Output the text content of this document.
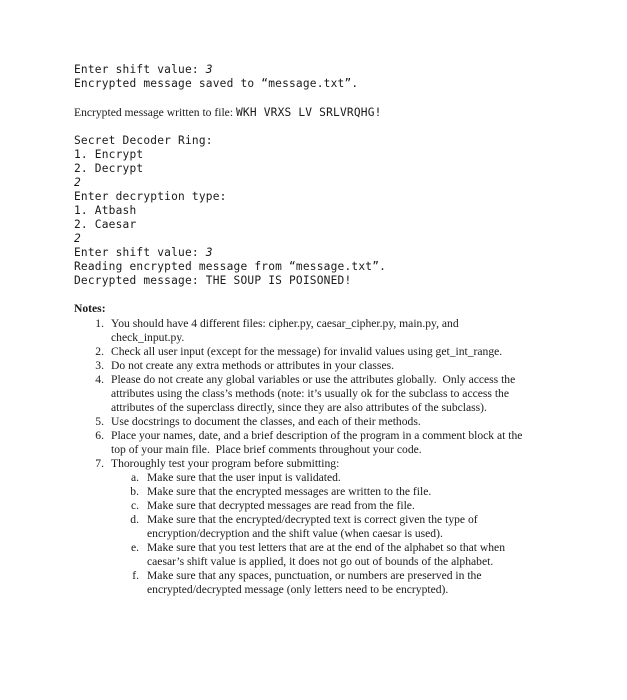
Enter shift value: 3
Encrypted message saved to “message.txt”.
Encrypted message written to file: WKH VRXS LV SRLVRQHG!
Secret Decoder Ring:
1. Encrypt
2. Decrypt
2
Enter decryption type:
1. Atbash
2. Caesar
2
Enter shift value: 3
Reading encrypted message from “message.txt”.
Decrypted message: THE SOUP IS POISONED!
Notes:
1. You should have 4 different files: cipher.py, caesar_cipher.py, main.py, and
check_input.py.
2. Check all user input (except for the message) for invalid values using get_int_range.
3. Do not create any extra methods or attributes in your classes.
4. Please do not create any global variables or use the attributes globally.  Only access the
attributes using the class’s methods (note: it’s usually ok for the subclass to access the
attributes of the superclass directly, since they are also attributes of the subclass).
5. Use docstrings to document the classes, and each of their methods.
6. Place your names, date, and a brief description of the program in a comment block at the
top of your main file.  Place brief comments throughout your code.
7. Thoroughly test your program before submitting:
a. Make sure that the user input is validated.
b. Make sure that the encrypted messages are written to the file.
c. Make sure that decrypted messages are read from the file.
d. Make sure that the encrypted/decrypted text is correct given the type of
encryption/decryption and the shift value (when caesar is used).
e. Make sure that you test letters that are at the end of the alphabet so that when
caesar’s shift value is applied, it does not go out of bounds of the alphabet.
f. Make sure that any spaces, punctuation, or numbers are preserved in the
encrypted/decrypted message (only letters need to be encrypted).
